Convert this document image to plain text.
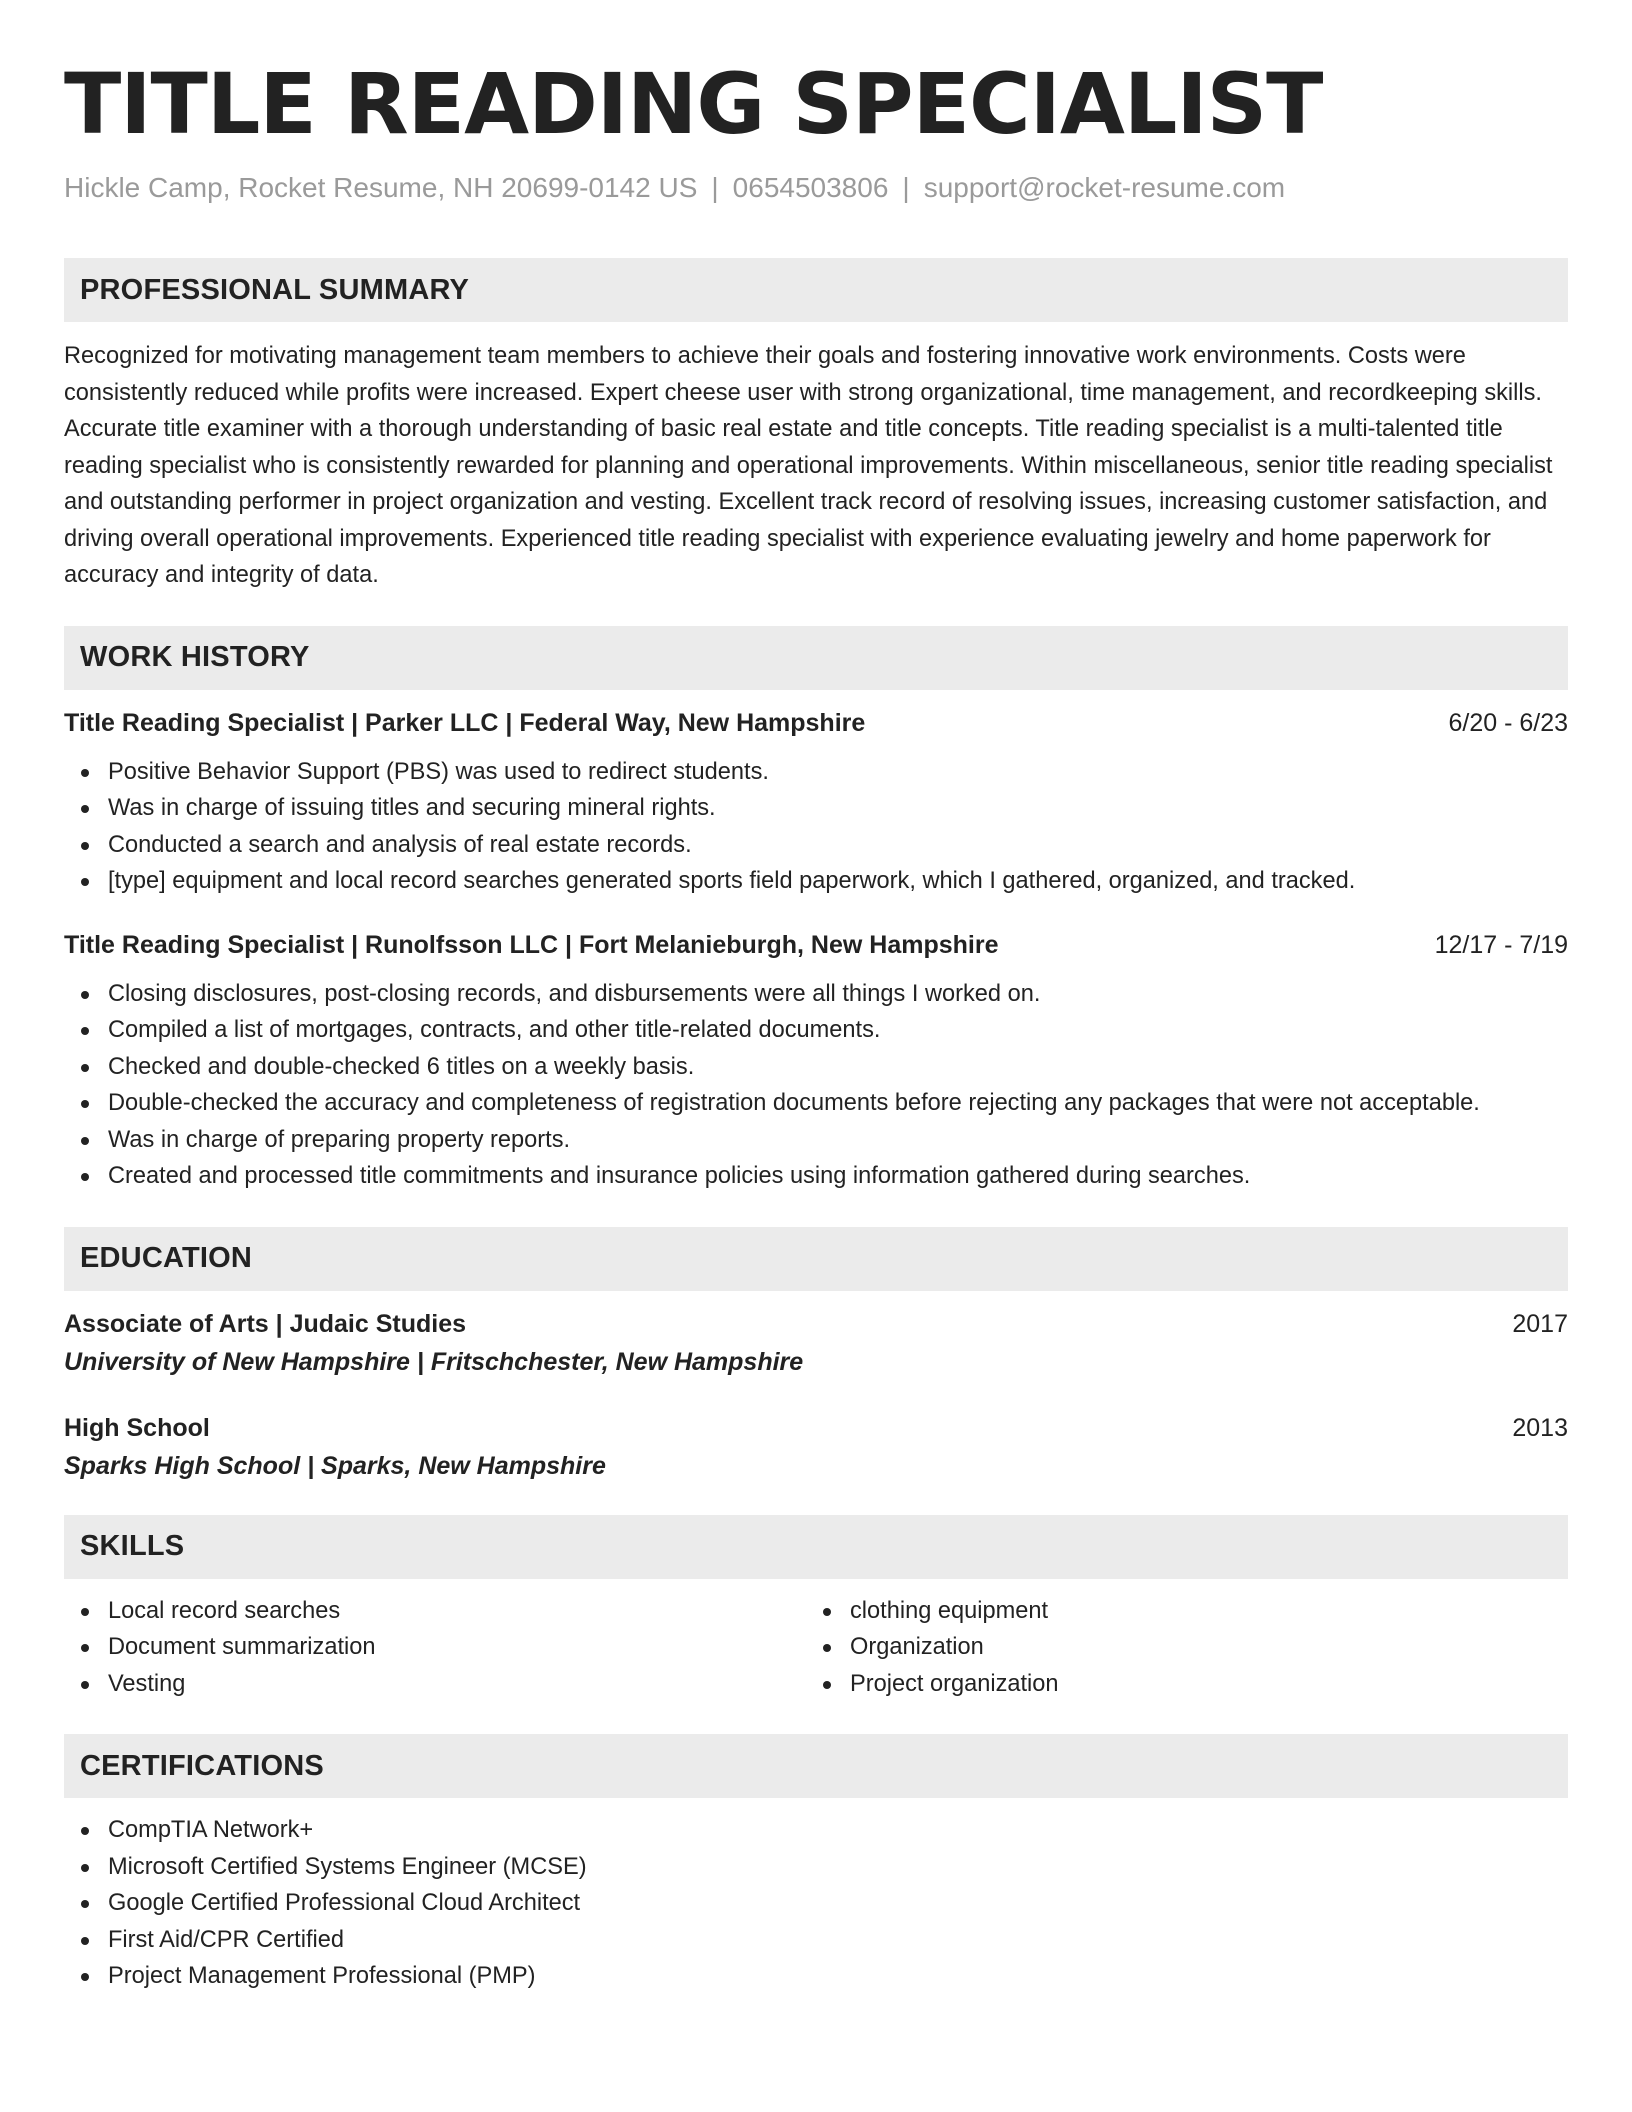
TITLE READING SPECIALIST
Hickle Camp, Rocket Resume, NH 20699-0142 US | 0654503806 | support@rocket-resume.com
PROFESSIONAL SUMMARY
Recognized for motivating management team members to achieve their goals and fostering innovative work environments. Costs were consistently reduced while profits were increased. Expert cheese user with strong organizational, time management, and recordkeeping skills. Accurate title examiner with a thorough understanding of basic real estate and title concepts. Title reading specialist is a multi-talented title reading specialist who is consistently rewarded for planning and operational improvements. Within miscellaneous, senior title reading specialist and outstanding performer in project organization and vesting. Excellent track record of resolving issues, increasing customer satisfaction, and driving overall operational improvements. Experienced title reading specialist with experience evaluating jewelry and home paperwork for accuracy and integrity of data.
WORK HISTORY
Title Reading Specialist | Parker LLC | Federal Way, New Hampshire	6/20 - 6/23
Positive Behavior Support (PBS) was used to redirect students.
Was in charge of issuing titles and securing mineral rights.
Conducted a search and analysis of real estate records.
[type] equipment and local record searches generated sports field paperwork, which I gathered, organized, and tracked.
Title Reading Specialist | Runolfsson LLC | Fort Melanieburgh, New Hampshire	12/17 - 7/19
Closing disclosures, post-closing records, and disbursements were all things I worked on.
Compiled a list of mortgages, contracts, and other title-related documents.
Checked and double-checked 6 titles on a weekly basis.
Double-checked the accuracy and completeness of registration documents before rejecting any packages that were not acceptable.
Was in charge of preparing property reports.
Created and processed title commitments and insurance policies using information gathered during searches.
EDUCATION
Associate of Arts | Judaic Studies	2017
University of New Hampshire | Fritschchester, New Hampshire
High School	2013
Sparks High School | Sparks, New Hampshire
SKILLS
Local record searches
Document summarization
Vesting
clothing equipment
Organization
Project organization
CERTIFICATIONS
CompTIA Network+
Microsoft Certified Systems Engineer (MCSE)
Google Certified Professional Cloud Architect
First Aid/CPR Certified
Project Management Professional (PMP)
